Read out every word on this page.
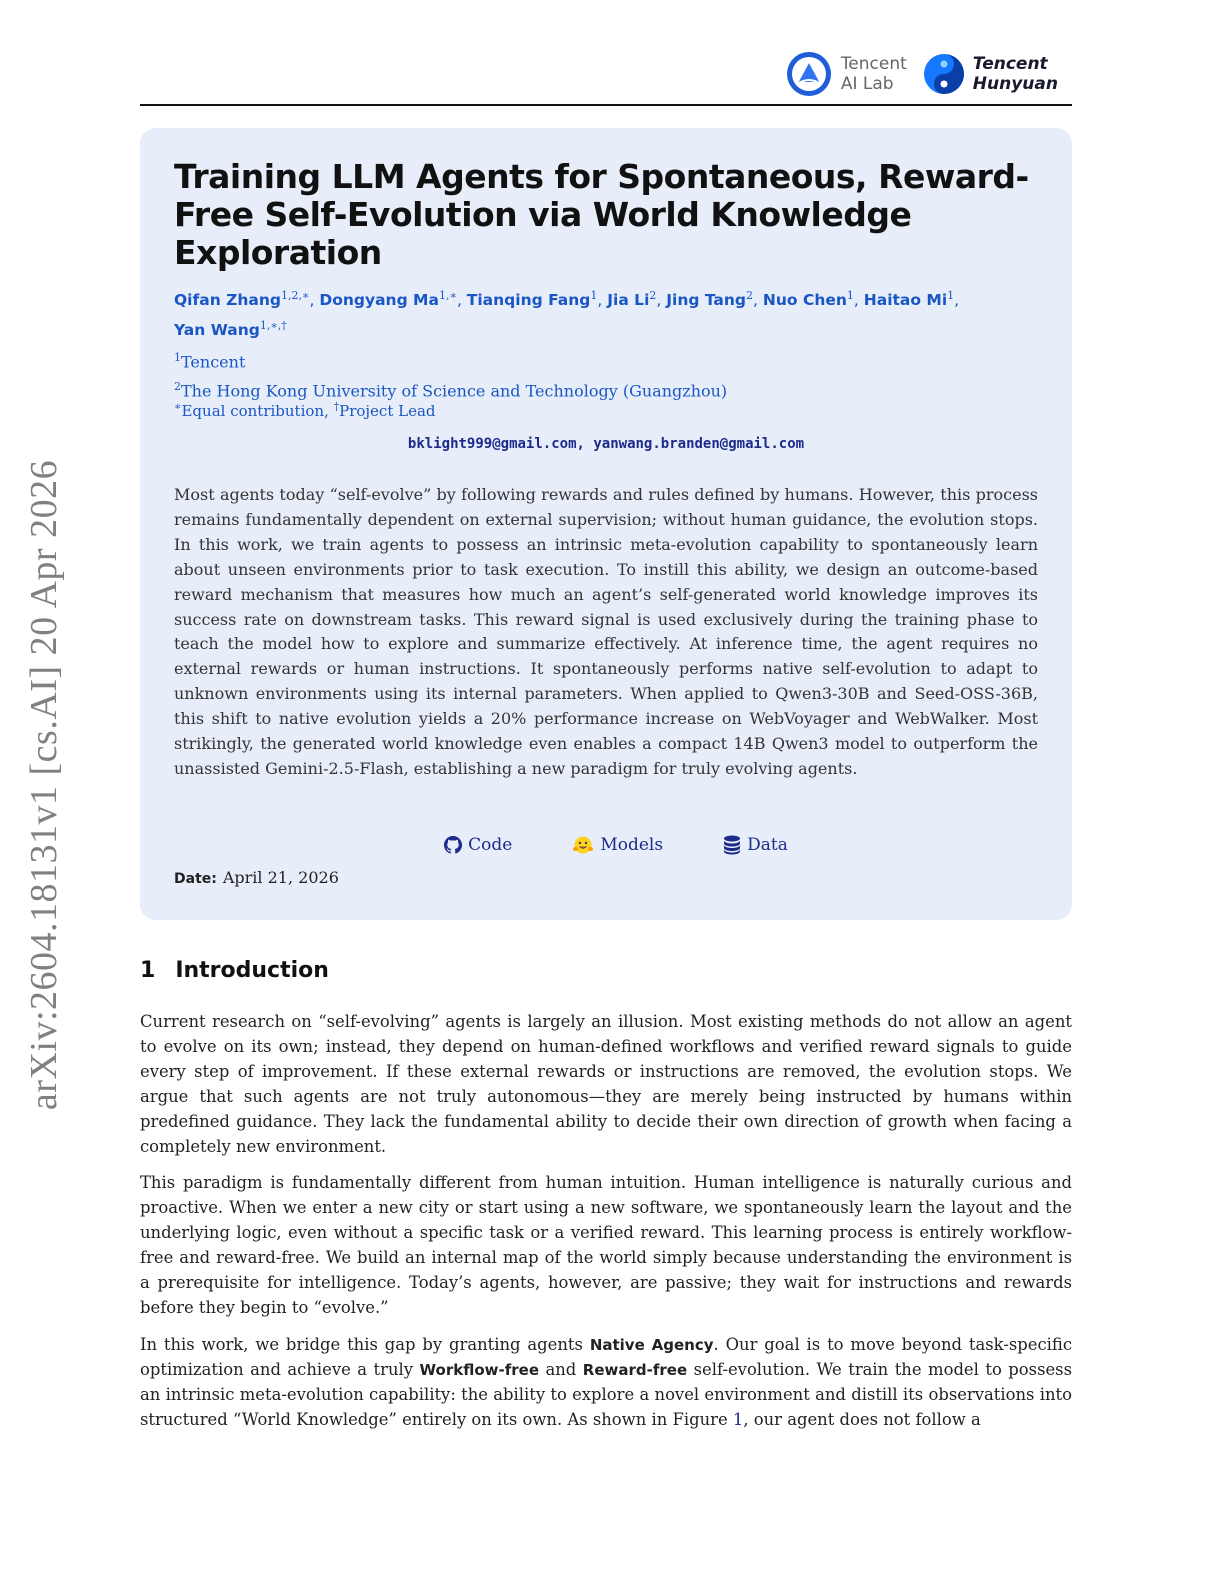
arXiv:2604.18131v1 [cs.AI] 20 Apr 2026
Tencent
AI Lab
Tencent
Hunyuan
Training LLM Agents for Spontaneous, Reward-Free Self-Evolution via World Knowledge Exploration
Qifan Zhang$^{1,2,∗}$, Dongyang $Ma^{1,∗}$, Tianqing Fang$^1$, Jia Li$^2$, Jing Tang$^2$, Nuo Chen$^1$, Haitao Mi$^1$,
Yan Wang$^{1,∗,\dagger}$
$^1$Tencent
$^2$The Hong Kong University of Science and Technology (Guangzhou)
∗Equal contribution, †Project Lead
bklight999@gmail.com, yanwang.branden@gmail.com

Most agents today “self-evolve” by following rewards and rules defined by humans. However, this process remains fundamentally dependent on external supervision; without human guidance, the evolution stops. In this work, we train agents to possess an intrinsic meta-evolution capability to spontaneously learn about unseen environments prior to task execution. To instill this ability, we design an outcome-based reward mechanism that measures how much an agent’s self-generated world knowledge improves its success rate on downstream tasks. This reward signal is used exclusively during the training phase to teach the model how to explore and summarize effectively. At inference time, the agent requires no external rewards or human instructions. It spontaneously performs native self-evolution to adapt to unknown environments using its internal parameters. When applied to Qwen3-30B and Seed-OSS-36B, this shift to native evolution yields a 20% performance increase on WebVoyager and WebWalker. Most strikingly, the generated world knowledge even enables a compact 14B Qwen3 model to outperform the unassisted Gemini-2.5-Flash, establishing a new paradigm for truly evolving agents.

Code	Models	Data
Date: April 21, 2026
1 Introduction

Current research on “self-evolving” agents is largely an illusion. Most existing methods do not allow an agent to evolve on its own; instead, they depend on human-defined workflows and verified reward signals to guide every step of improvement. If these external rewards or instructions are removed, the evolution stops. We argue that such agents are not truly autonomous—they are merely being instructed by humans within predefined guidance. They lack the fundamental ability to decide their own direction of growth when facing a completely new environment.

This paradigm is fundamentally different from human intuition. Human intelligence is naturally curious and proactive. When we enter a new city or start using a new software, we spontaneously learn the layout and the underlying logic, even without a specific task or a verified reward. This learning process is entirely workflow-free and reward-free. We build an internal map of the world simply because understanding the environment is a prerequisite for intelligence. Today’s agents, however, are passive; they wait for instructions and rewards before they begin to “evolve.”

In this work, we bridge this gap by granting agents Native Agency. Our goal is to move beyond task-specific optimization and achieve a truly Workflow-free and Reward-free self-evolution. We train the model to possess an intrinsic meta-evolution capability: the ability to explore a novel environment and distill its observations into structured “World Knowledge” entirely on its own. As shown in Figure 1, our agent does not follow a
